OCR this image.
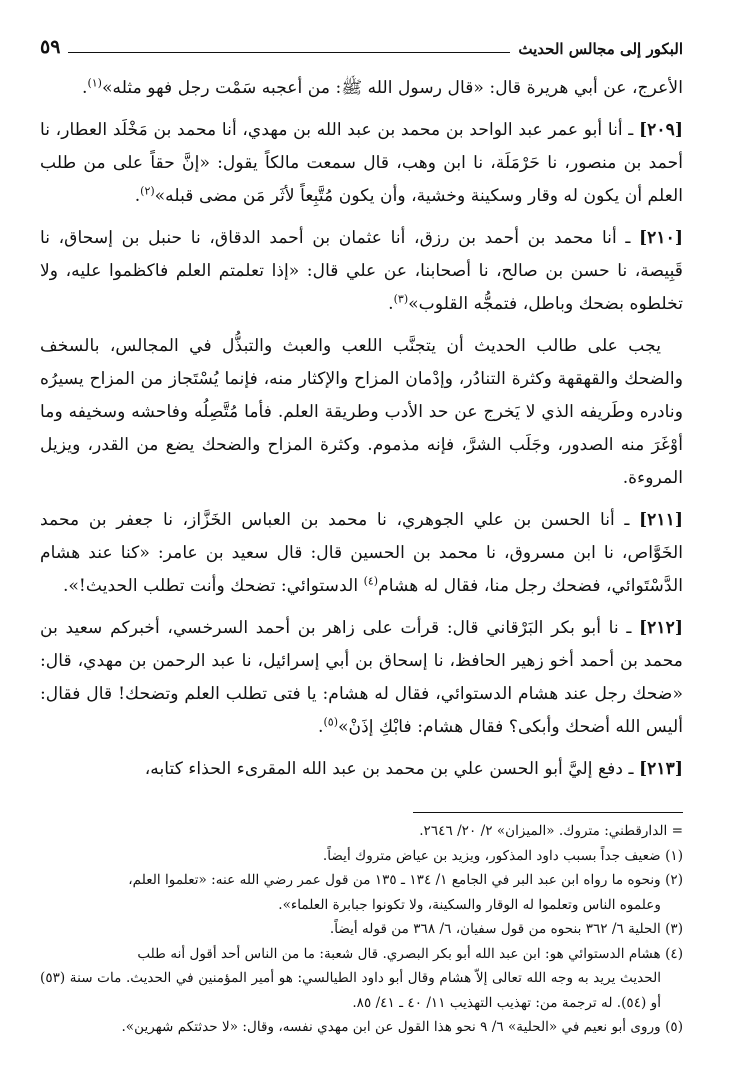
البكور إلى مجالس الحديث
٥٩

الأعرج، عن أبي هريرة قال: «قال رسول الله ﷺ: من أعجبه سَمْت رجل فهو مثله»$^{(١)}$.

[٢٠٩] ـ أنا أبو عمر عبد الواحد بن محمد بن عبد الله بن مهدي، أنا محمد بن مَخْلَد العطار، نا أحمد بن منصور، نا حَرْمَلَة، نا ابن وهب، قال سمعت مالكاً يقول: «إنَّ حقاً على من طلب العلم أن يكون له وقار وسكينة وخشية، وأن يكون مُتَّبِعاً لأثَر مَن مضى قبله»$^{(٢)}$.

[٢١٠] ـ أنا محمد بن أحمد بن رزق، أنا عثمان بن أحمد الدقاق، نا حنبل بن إسحاق، نا قَبِيصة، نا حسن بن صالح، نا أصحابنا، عن علي قال: «إذا تعلمتم العلم فاكظموا عليه، ولا تخلطوه بضحك وباطل، فتمجُّه القلوب»$^{(٣)}$.

يجب على طالب الحديث أن يتجنَّب اللعب والعبث والتبذُّل في المجالس، بالسخف والضحك والقهقهة وكثرة التنادُر، وإدْمان المزاح والإكثار منه، فإنما يُسْتَجاز من المزاح يسيرُه ونادره وطَريفه الذي لا يَخرج عن حد الأدب وطريقة العلم. فأما مُتَّصِلُه وفاحشه وسخيفه وما أوْغَرَ منه الصدور، وجَلَب الشرَّ، فإنه مذموم. وكثرة المزاح والضحك يضع من القدر، ويزيل المروءة.

[٢١١] ـ أنا الحسن بن علي الجوهري، نا محمد بن العباس الخَزَّاز، نا جعفر بن محمد الخَوَّاص، نا ابن مسروق، نا محمد بن الحسين قال: قال سعيد بن عامر: «كنا عند هشام الدَّسْتَوائي، فضحك رجل منا، فقال له هشام$^{(٤)}$ الدستوائي: تضحك وأنت تطلب الحديث!».

[٢١٢] ـ نا أبو بكر البَرْقاني قال: قرأت على زاهر بن أحمد السرخسي، أخبركم سعيد بن محمد بن أحمد أخو زهير الحافظ، نا إسحاق بن أبي إسرائيل، نا عبد الرحمن بن مهدي، قال: «ضحك رجل عند هشام الدستوائي، فقال له هشام: يا فتى تطلب العلم وتضحك! قال فقال: أليس الله أضحك وأبكى؟ فقال هشام: فابْكِ إذَنْ»$^{(٥)}$.

[٢١٣] ـ دفع إليَّ أبو الحسن علي بن محمد بن عبد الله المقرىء الحذاء كتابه،

= الدارقطني: متروك. «الميزان» ٢/ ٢٠/ ٢٦٤٦.

(١) ضعيف جداً بسبب داود المذكور، ويزيد بن عياض متروك أيضاً.

(٢) ونحوه ما رواه ابن عبد البر في الجامع ١/ ١٣٤ ـ ١٣٥ من قول عمر رضي الله عنه: «تعلموا العلم،

وعلموه الناس وتعلموا له الوقار والسكينة، ولا تكونوا جبابرة العلماء».

(٣) الحلية ٦/ ٣٦٢ بنحوه من قول سفيان، ٦/ ٣٦٨ من قوله أيضاً.

(٤) هشام الدستوائي هو: ابن عبد الله أبو بكر البصري. قال شعبة: ما من الناس أحد أقول أنه طلب

الحديث يريد به وجه الله تعالى إلاّ هشام وقال أبو داود الطيالسي: هو أمير المؤمنين في الحديث. مات سنة (٥٣) أو (٥٤). له ترجمة من: تهذيب التهذيب ١١/ ٤٠ ـ ٤١/ ٨٥.

(٥) وروى أبو نعيم في «الحلية» ٦/ ٩ نحو هذا القول عن ابن مهدي نفسه، وقال: «لا حدثتكم شهرين».
